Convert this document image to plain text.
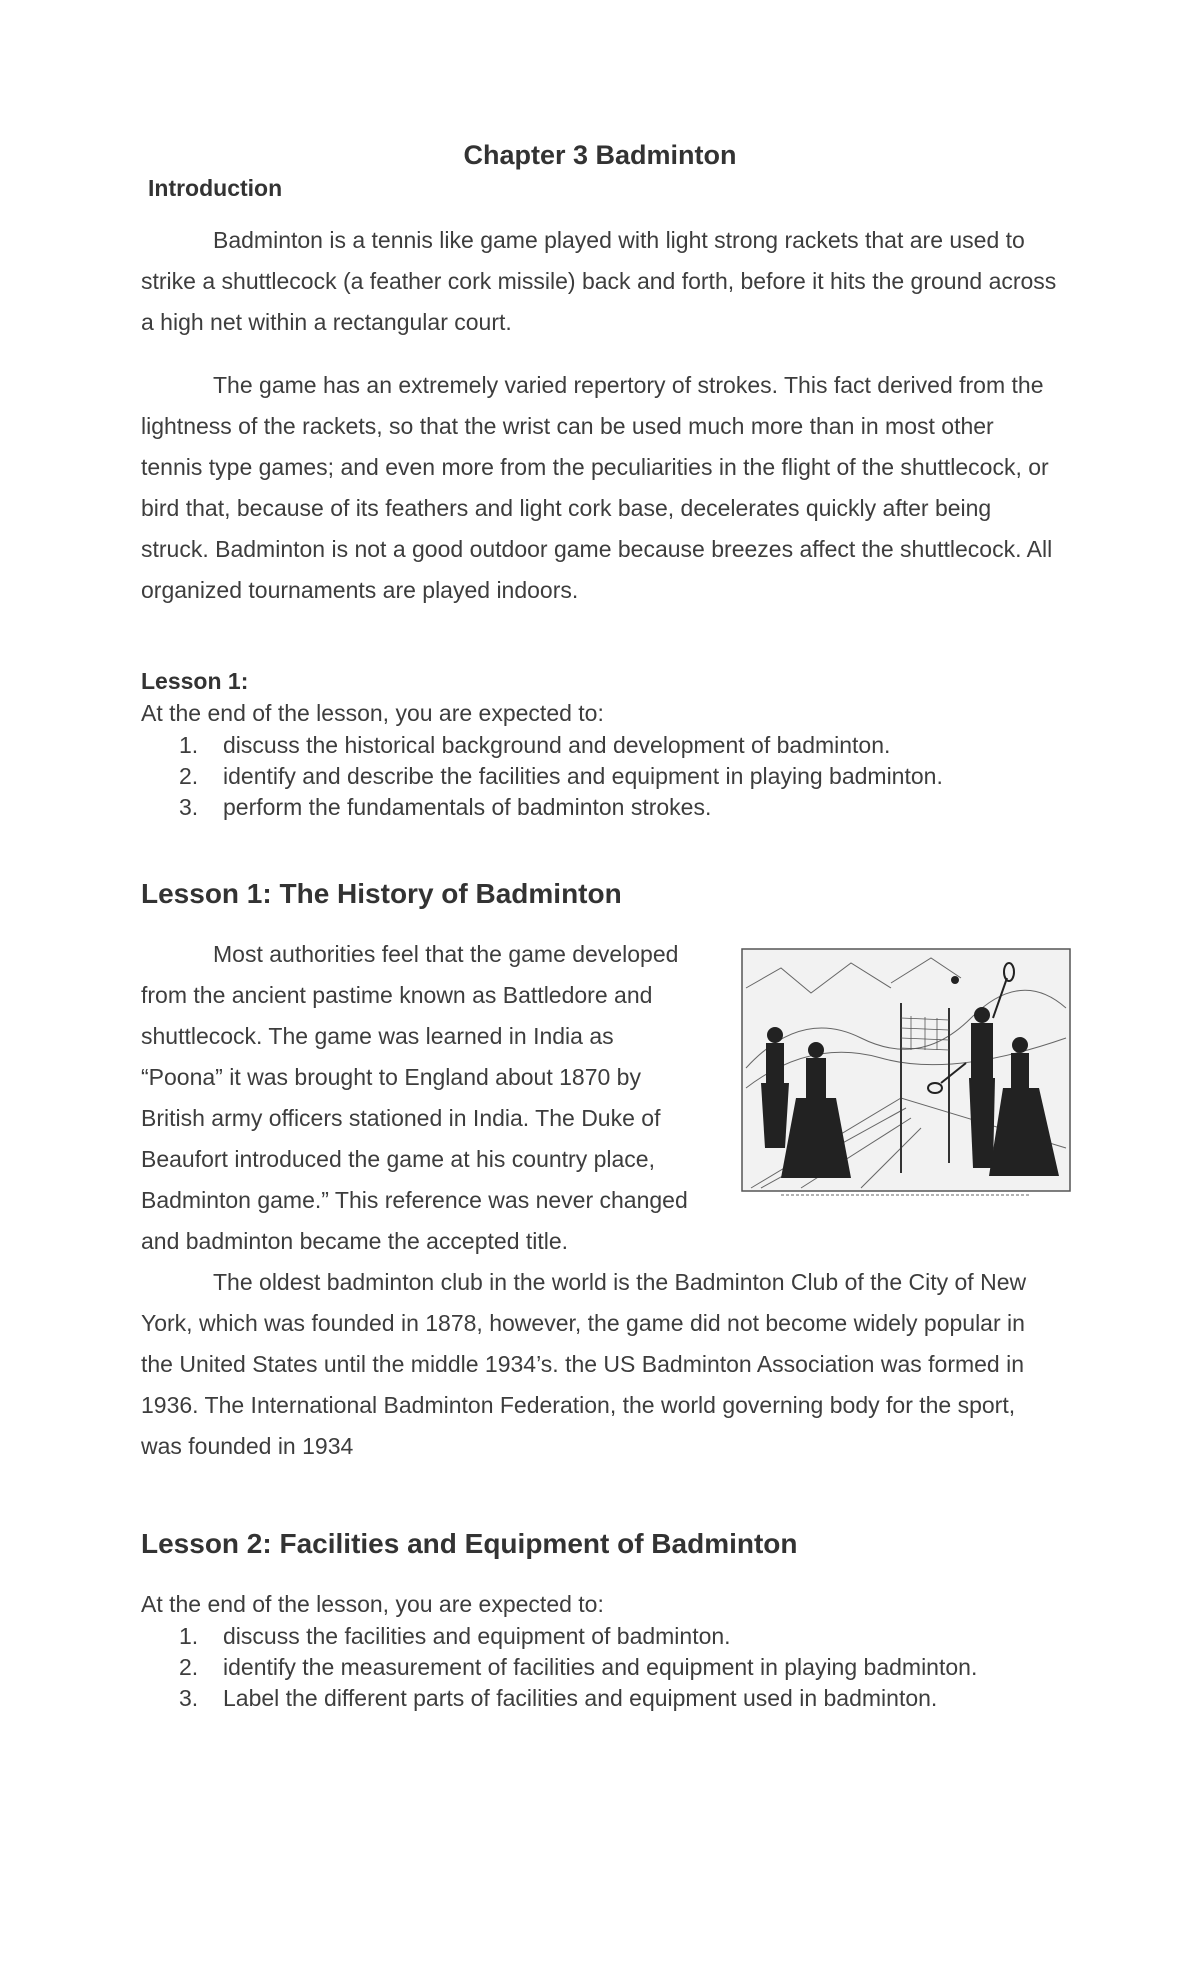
Chapter 3 Badminton
Introduction
Badminton is a tennis like game played with light strong rackets that are used to strike a shuttlecock (a feather cork missile) back and forth, before it hits the ground across a high net within a rectangular court.
The game has an extremely varied repertory of strokes. This fact derived from the lightness of the rackets, so that the wrist can be used much more than in most other tennis type games; and even more from the peculiarities in the flight of the shuttlecock, or bird that, because of its feathers and light cork base, decelerates quickly after being struck. Badminton is not a good outdoor game because breezes affect the shuttlecock. All organized tournaments are played indoors.
Lesson 1:
At the end of the lesson, you are expected to:
1. discuss the historical background and development of badminton.
2. identify and describe the facilities and equipment in playing badminton.
3. perform the fundamentals of badminton strokes.
Lesson 1: The History of Badminton
Most authorities feel that the game developed from the ancient pastime known as Battledore and shuttlecock. The game was learned in India as “Poona” it was brought to England about 1870 by British army officers stationed in India. The Duke of Beaufort introduced the game at his country place, Badminton game.” This reference was never changed and badminton became the accepted title.
The oldest badminton club in the world is the Badminton Club of the City of New York, which was founded in 1878, however, the game did not become widely popular in the United States until the middle 1934’s. the US Badminton Association was formed in 1936. The International Badminton Federation, the world governing body for the sport, was founded in 1934
Lesson 2: Facilities and Equipment of Badminton
At the end of the lesson, you are expected to:
1. discuss the facilities and equipment of badminton.
2. identify the measurement of facilities and equipment in playing badminton.
3. Label the different parts of facilities and equipment used in badminton.
